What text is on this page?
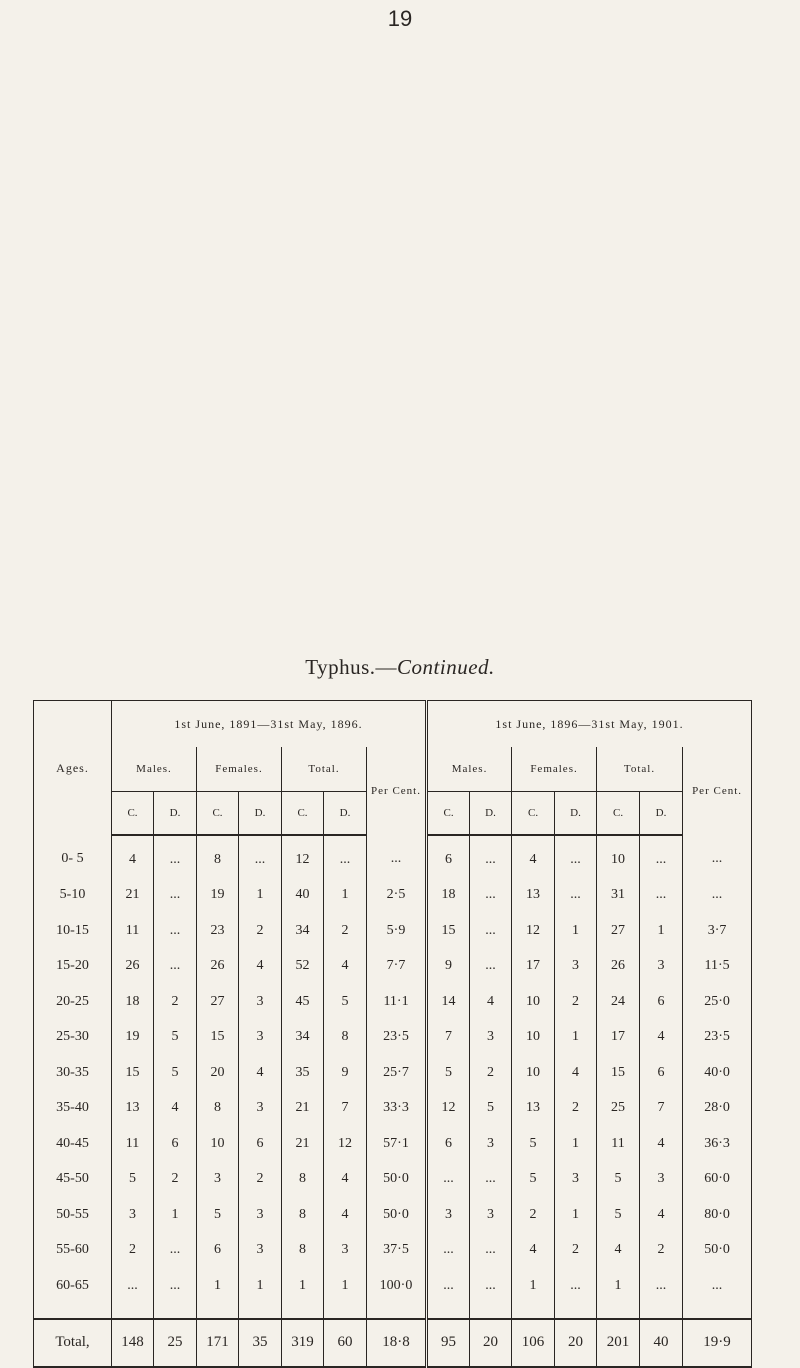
19
Typhus.—Continued.
Ages.	1st June, 1891—31st May, 1896.							1st June, 1896—31st May, 1901.						
	Males.		Females.		Total.		Per Cent.	Males.		Females.		Total.		Per Cent.
	C.	D.	C.	D.	C.	D.		C.	D.	C.	D.	C.	D.	
0- 5	4	...	8	...	12	...	...	6	...	4	...	10	...	...
5-10	21	...	19	1	40	1	2·5	18	...	13	...	31	...	...
10-15	11	...	23	2	34	2	5·9	15	...	12	1	27	1	3·7
15-20	26	...	26	4	52	4	7·7	9	...	17	3	26	3	11·5
20-25	18	2	27	3	45	5	11·1	14	4	10	2	24	6	25·0
25-30	19	5	15	3	34	8	23·5	7	3	10	1	17	4	23·5
30-35	15	5	20	4	35	9	25·7	5	2	10	4	15	6	40·0
35-40	13	4	8	3	21	7	33·3	12	5	13	2	25	7	28·0
40-45	11	6	10	6	21	12	57·1	6	3	5	1	11	4	36·3
45-50	5	2	3	2	8	4	50·0	...	...	5	3	5	3	60·0
50-55	3	1	5	3	8	4	50·0	3	3	2	1	5	4	80·0
55-60	2	...	6	3	8	3	37·5	...	...	4	2	4	2	50·0
60-65	...	...	1	1	1	1	100·0	...	...	1	...	1	...	...

Total,	148	25	171	35	319	60	18·8	95	20	106	20	201	40	19·9
